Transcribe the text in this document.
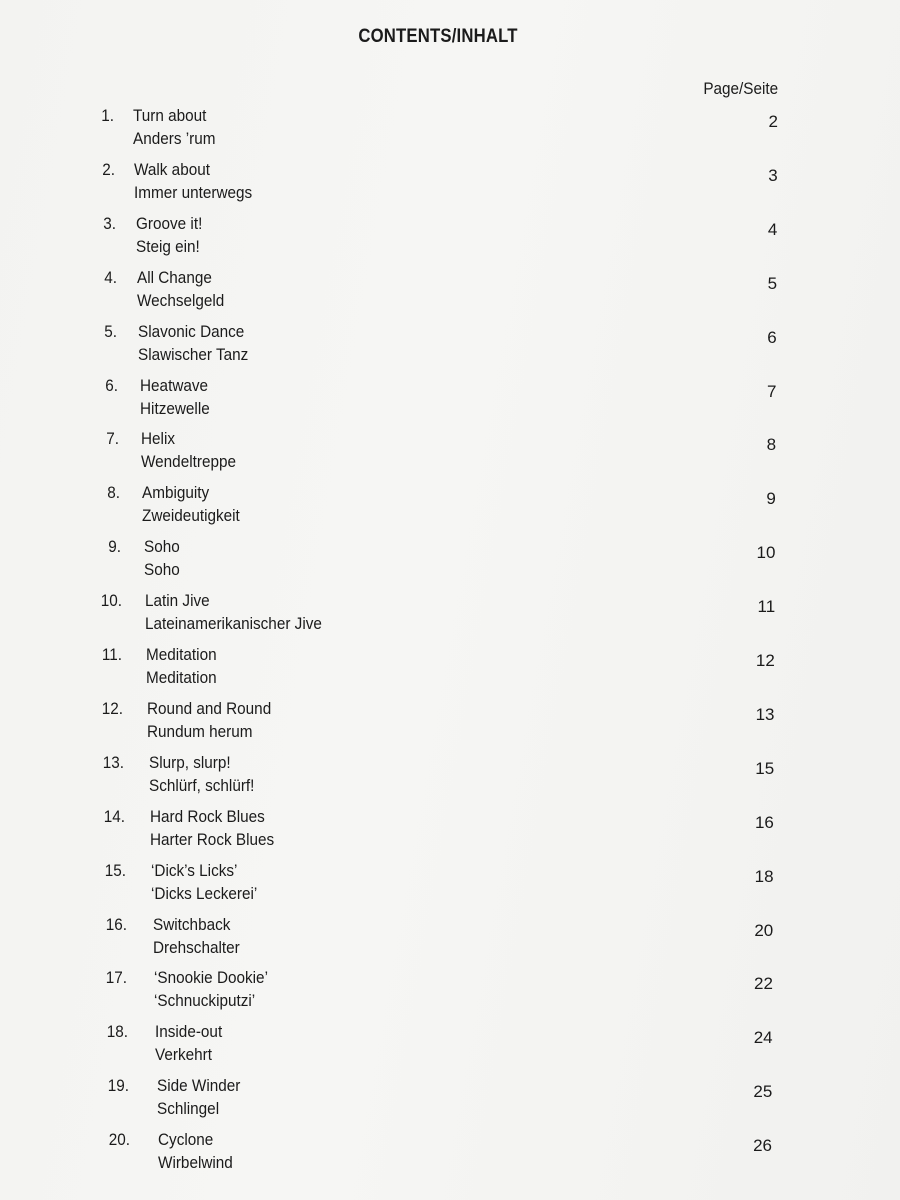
CONTENTS/INHALT
Page/Seite
1. Turn about
Anders ’rum
2
2. Walk about
Immer unterwegs
3
3. Groove it!
Steig ein!
4
4. All Change
Wechselgeld
5
5. Slavonic Dance
Slawischer Tanz
6
6. Heatwave
Hitzewelle
7
7. Helix
Wendeltreppe
8
8. Ambiguity
Zweideutigkeit
9
9. Soho
Soho
10
10. Latin Jive
Lateinamerikanischer Jive
11
11. Meditation
Meditation
12
12. Round and Round
Rundum herum
13
13. Slurp, slurp!
Schlürf, schlürf!
15
14. Hard Rock Blues
Harter Rock Blues
16
15. ‘Dick’s Licks’
‘Dicks Leckerei’
18
16. Switchback
Drehschalter
20
17. ‘Snookie Dookie’
‘Schnuckiputzi’
22
18. Inside-out
Verkehrt
24
19. Side Winder
Schlingel
25
20. Cyclone
Wirbelwind
26
